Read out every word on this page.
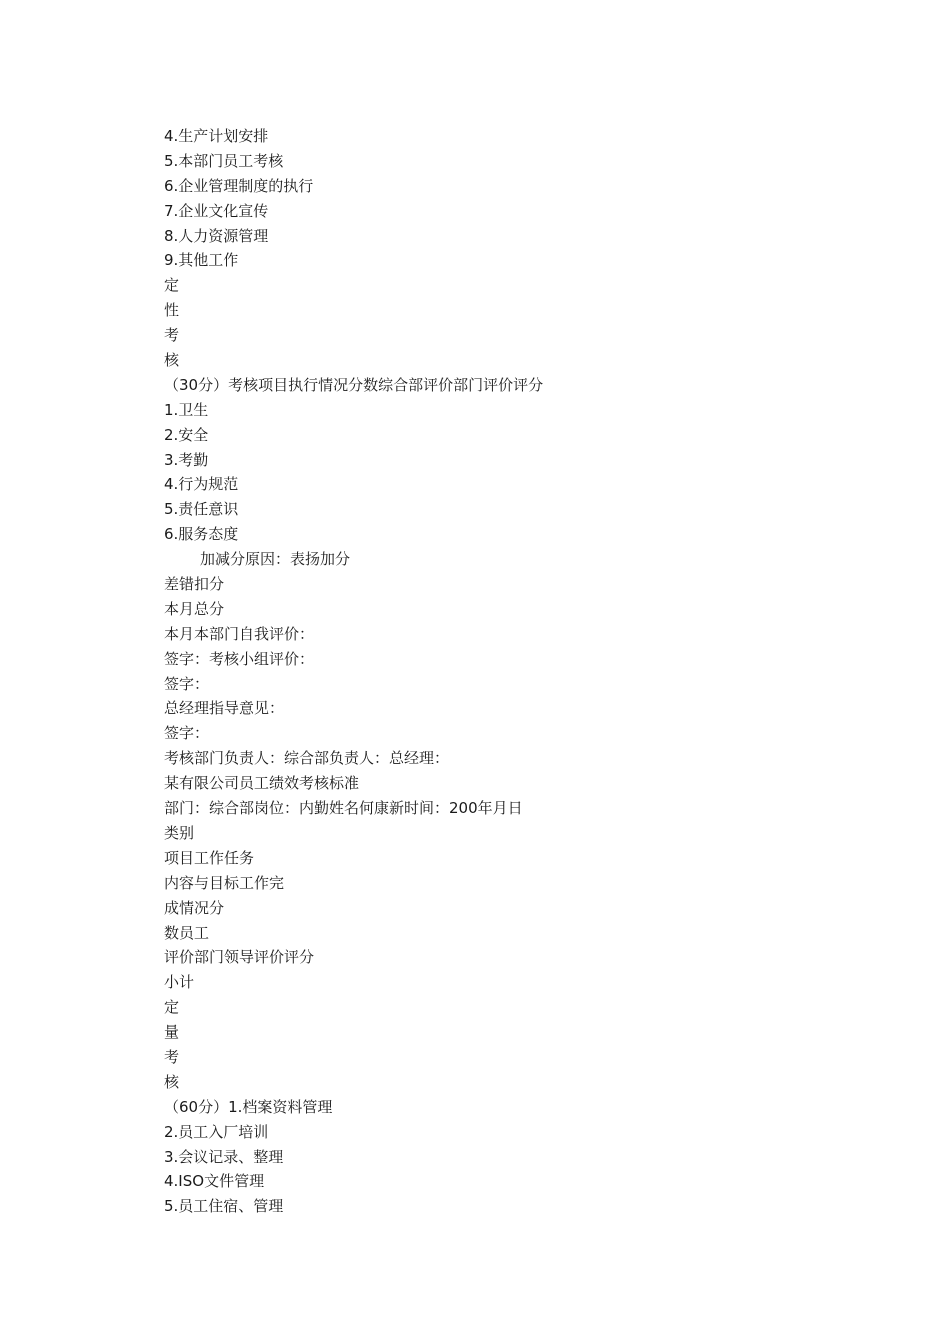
4.生产计划安排
5.本部门员工考核
6.企业管理制度的执行
7.企业文化宣传
8.人力资源管理
9.其他工作
定
性
考
核
（30分）考核项目执行情况分数综合部评价部门评价评分
1.卫生
2.安全
3.考勤
4.行为规范
5.责任意识
6.服务态度
加减分原因：表扬加分
差错扣分
本月总分
本月本部门自我评价：
签字：考核小组评价：
签字：
总经理指导意见：
签字：
考核部门负责人：综合部负责人：总经理：
某有限公司员工绩效考核标准
部门：综合部岗位：内勤姓名何康新时间：200年月日
类别
项目工作任务
内容与目标工作完
成情况分
数员工
评价部门领导评价评分
小计
定
量
考
核
（60分）1.档案资料管理
2.员工入厂培训
3.会议记录、整理
4.ISO文件管理
5.员工住宿、管理
